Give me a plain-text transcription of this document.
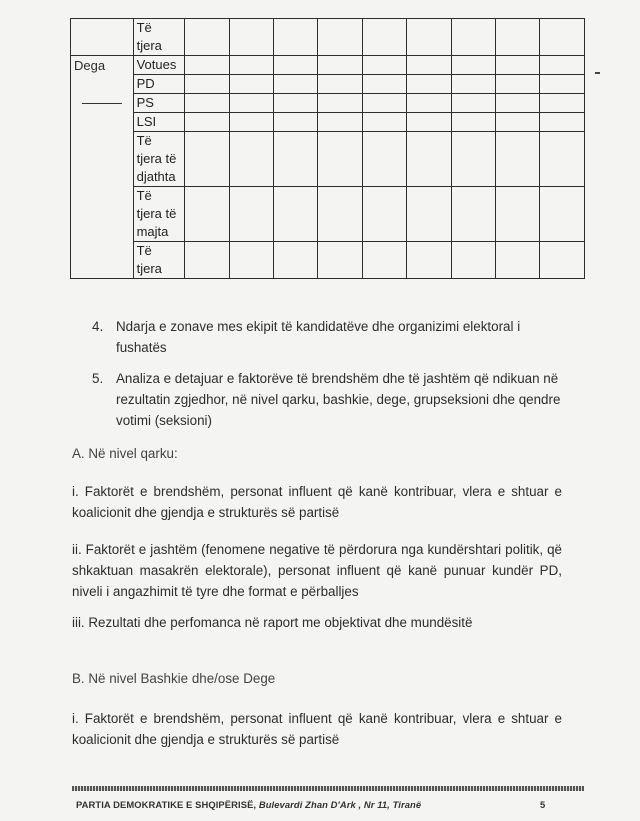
	Të
tjera									

Dega	Votues									

	PD									

	PS									

	LSI									

	Të
tjera të
djathta									

	Të
tjera të
majta									

	Të
tjera									

4. Ndarja e zonave mes ekipit të kandidatëve dhe organizimi elektoral i fushatës
5. Analiza e detajuar e faktorëve të brendshëm dhe të jashtëm që ndikuan në rezultatin zgjedhor, në nivel qarku, bashkie, dege, grupseksioni dhe qendre votimi (seksioni)
A. Në nivel qarku:
i. Faktorët e brendshëm, personat influent që kanë kontribuar, vlera e shtuar e koalicionit dhe gjendja e strukturës së partisë
ii. Faktorët e jashtëm (fenomene negative të përdorura nga kundërshtari politik, që shkaktuan masakrën elektorale), personat influent që kanë punuar kundër PD, niveli i angazhimit të tyre dhe format e përballjes
iii. Rezultati dhe perfomanca në raport me objektivat dhe mundësitë
B. Në nivel Bashkie dhe/ose Dege
i. Faktorët e brendshëm, personat influent që kanë kontribuar, vlera e shtuar e koalicionit dhe gjendja e strukturës së partisë
PARTIA DEMOKRATIKE E SHQIPËRISË, Bulevardi Zhan D'Ark , Nr 11, Tiranë	5
